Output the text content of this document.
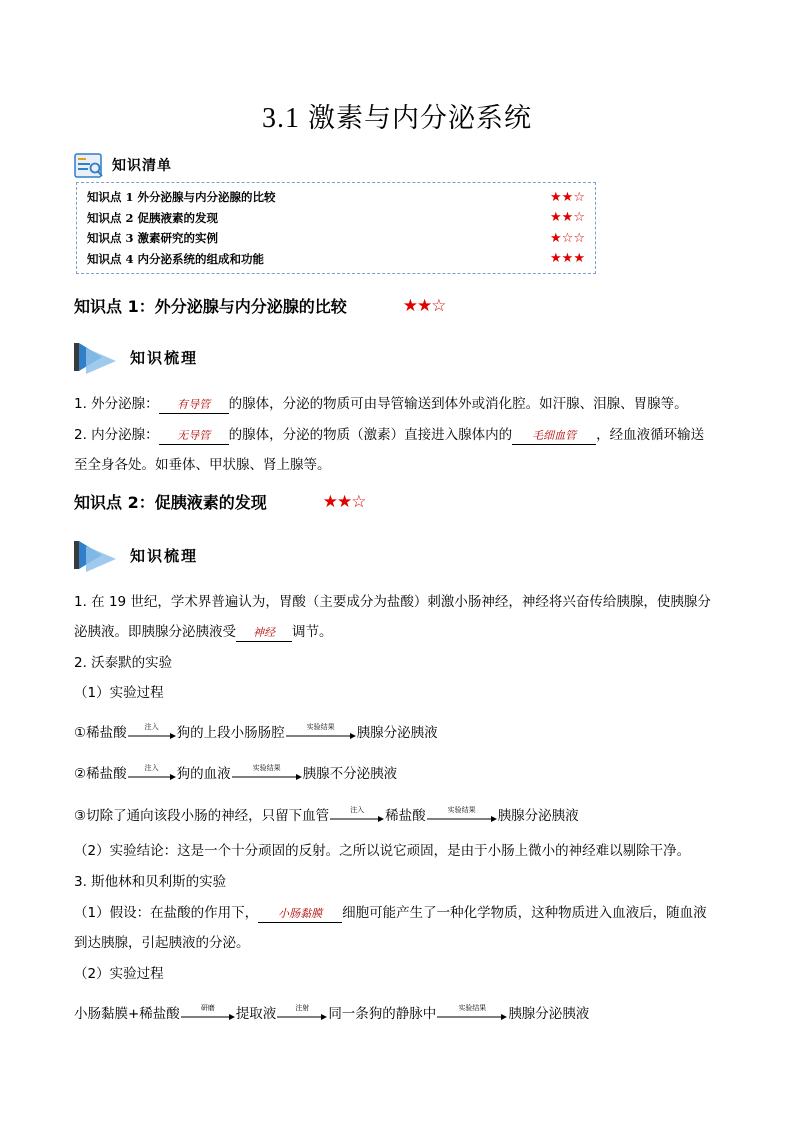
3.1 激素与内分泌系统
知识清单
知识点 1 外分泌腺与内分泌腺的比较	★★☆
知识点 2 促胰液素的发现	★★☆
知识点 3 激素研究的实例	★☆☆
知识点 4 内分泌系统的组成和功能	★★★
知识点 1：外分泌腺与内分泌腺的比较	★★☆
知识梳理
1. 外分泌腺： 有导管 的腺体，分泌的物质可由导管输送到体外或消化腔。如汗腺、泪腺、胃腺等。
2. 内分泌腺： 无导管 的腺体，分泌的物质（激素）直接进入腺体内的 毛细血管 ，经血液循环输送
至全身各处。如垂体、甲状腺、肾上腺等。
知识点 2：促胰液素的发现	★★☆
知识梳理
1. 在 19 世纪，学术界普遍认为，胃酸（主要成分为盐酸）刺激小肠神经，神经将兴奋传给胰腺，使胰腺分
泌胰液。即胰腺分泌胰液受 神经 调节。
2. 沃泰默的实验
（1）实验过程
①稀盐酸	注入	狗的上段小肠肠腔	实验结果	胰腺分泌胰液
②稀盐酸	注入	狗的血液	实验结果	胰腺不分泌胰液
③切除了通向该段小肠的神经，只留下血管	注入	稀盐酸	实验结果	胰腺分泌胰液
（2）实验结论：这是一个十分顽固的反射。之所以说它顽固，是由于小肠上微小的神经难以剔除干净。
3. 斯他林和贝利斯的实验
（1）假设：在盐酸的作用下， 小肠黏膜 细胞可能产生了一种化学物质，这种物质进入血液后，随血液
到达胰腺，引起胰液的分泌。
（2）实验过程
小肠黏膜+稀盐酸	研磨	提取液	注射	同一条狗的静脉中	实验结果	胰腺分泌胰液
